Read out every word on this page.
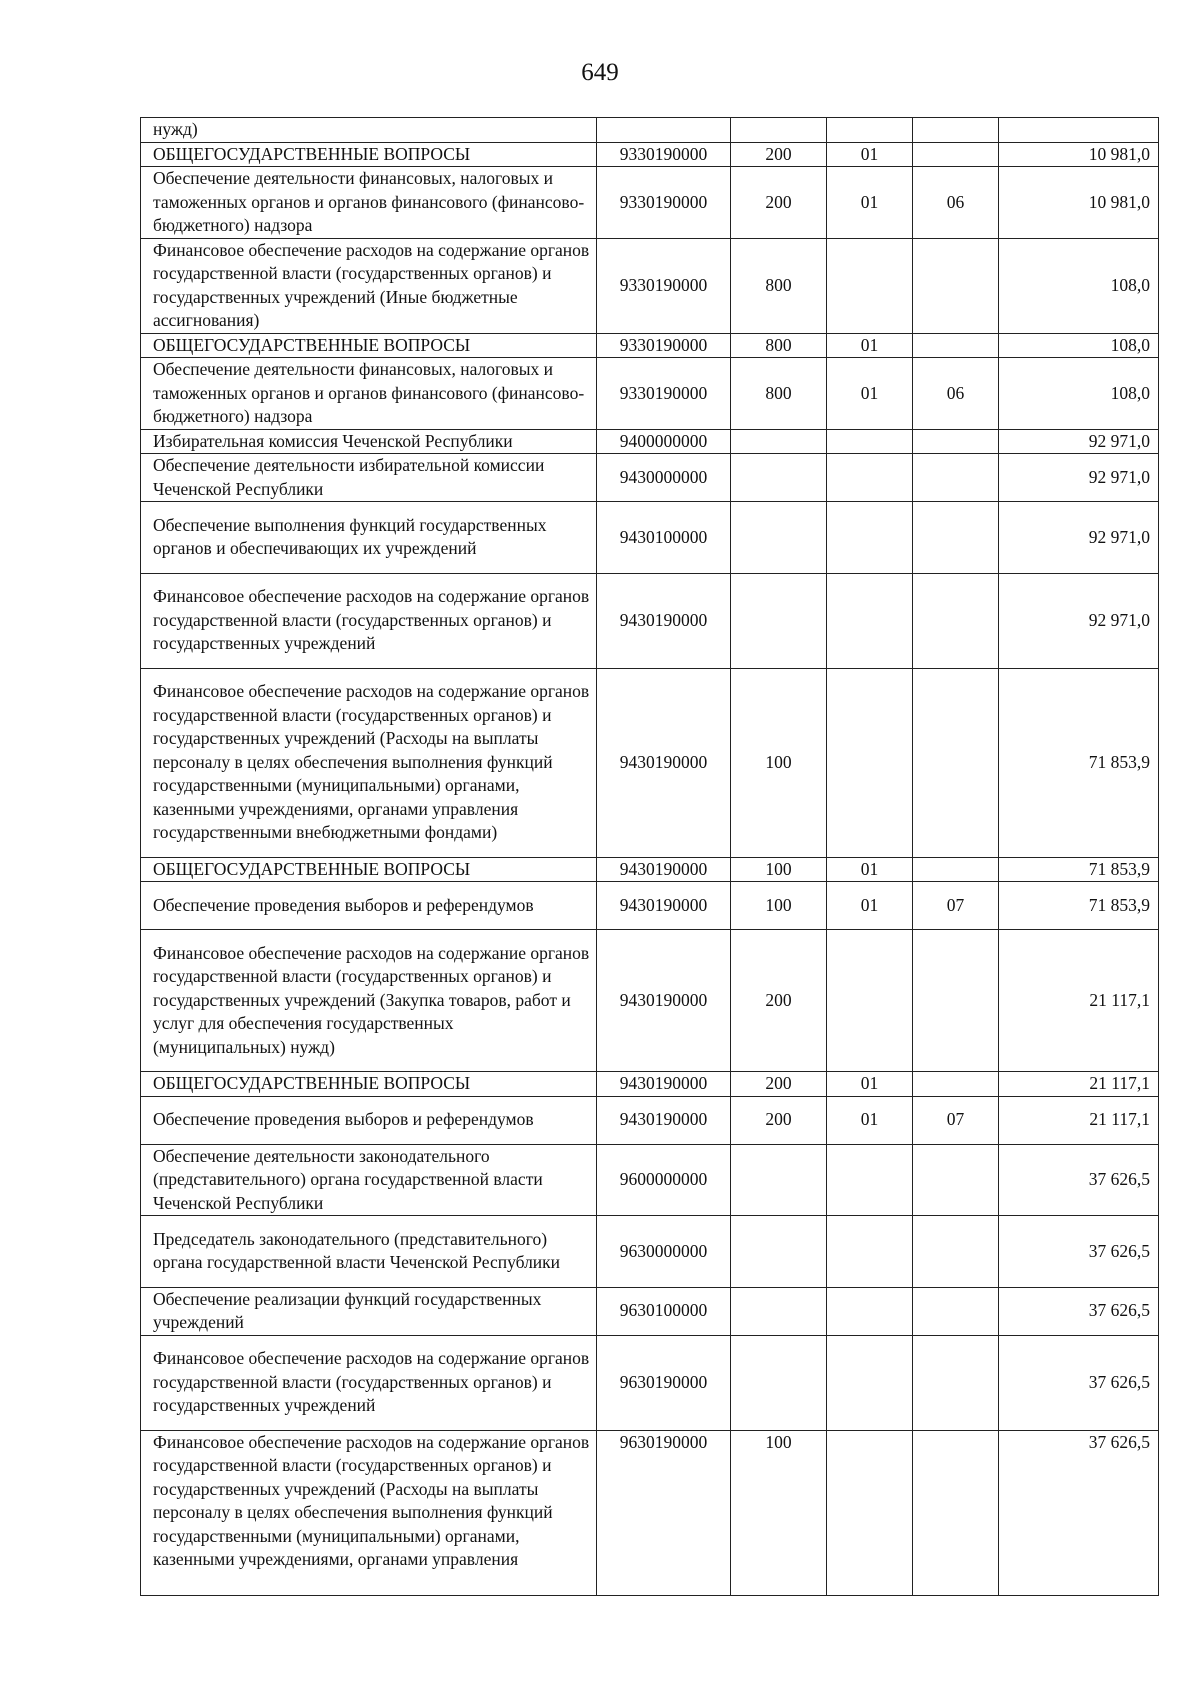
649
нужд)					
ОБЩЕГОСУДАРСТВЕННЫЕ ВОПРОСЫ	9330190000	200	01		10 981,0
Обеспечение деятельности финансовых, налоговых и таможенных органов и органов финансового (финансово-бюджетного) надзора	9330190000	200	01	06	10 981,0
Финансовое обеспечение расходов на содержание органов государственной власти (государственных органов) и государственных учреждений (Иные бюджетные ассигнования)	9330190000	800			108,0
ОБЩЕГОСУДАРСТВЕННЫЕ ВОПРОСЫ	9330190000	800	01		108,0
Обеспечение деятельности финансовых, налоговых и таможенных органов и органов финансового (финансово-бюджетного) надзора	9330190000	800	01	06	108,0
Избирательная комиссия Чеченской Республики	9400000000				92 971,0
Обеспечение деятельности избирательной комиссии Чеченской Республики	9430000000				92 971,0
Обеспечение выполнения функций государственных органов и обеспечивающих их учреждений	9430100000				92 971,0
Финансовое обеспечение расходов на содержание органов государственной власти (государственных органов) и государственных учреждений	9430190000				92 971,0
Финансовое обеспечение расходов на содержание органов государственной власти (государственных органов) и государственных учреждений (Расходы на выплаты персоналу в целях обеспечения выполнения функций государственными (муниципальными) органами, казенными учреждениями, органами управления государственными внебюджетными фондами)	9430190000	100			71 853,9
ОБЩЕГОСУДАРСТВЕННЫЕ ВОПРОСЫ	9430190000	100	01		71 853,9
Обеспечение проведения выборов и референдумов	9430190000	100	01	07	71 853,9
Финансовое обеспечение расходов на содержание органов государственной власти (государственных органов) и государственных учреждений (Закупка товаров, работ и услуг для обеспечения государственных (муниципальных) нужд)	9430190000	200			21 117,1
ОБЩЕГОСУДАРСТВЕННЫЕ ВОПРОСЫ	9430190000	200	01		21 117,1
Обеспечение проведения выборов и референдумов	9430190000	200	01	07	21 117,1
Обеспечение деятельности законодательного (представительного) органа государственной власти Чеченской Республики	9600000000				37 626,5
Председатель законодательного (представительного) органа государственной власти Чеченской Республики	9630000000				37 626,5
Обеспечение реализации функций государственных учреждений	9630100000				37 626,5
Финансовое обеспечение расходов на содержание органов государственной власти (государственных органов) и государственных учреждений	9630190000				37 626,5
Финансовое обеспечение расходов на содержание органов государственной власти (государственных органов) и государственных учреждений (Расходы на выплаты персоналу в целях обеспечения выполнения функций государственными (муниципальными) органами, казенными учреждениями, органами управления	9630190000	100			37 626,5
